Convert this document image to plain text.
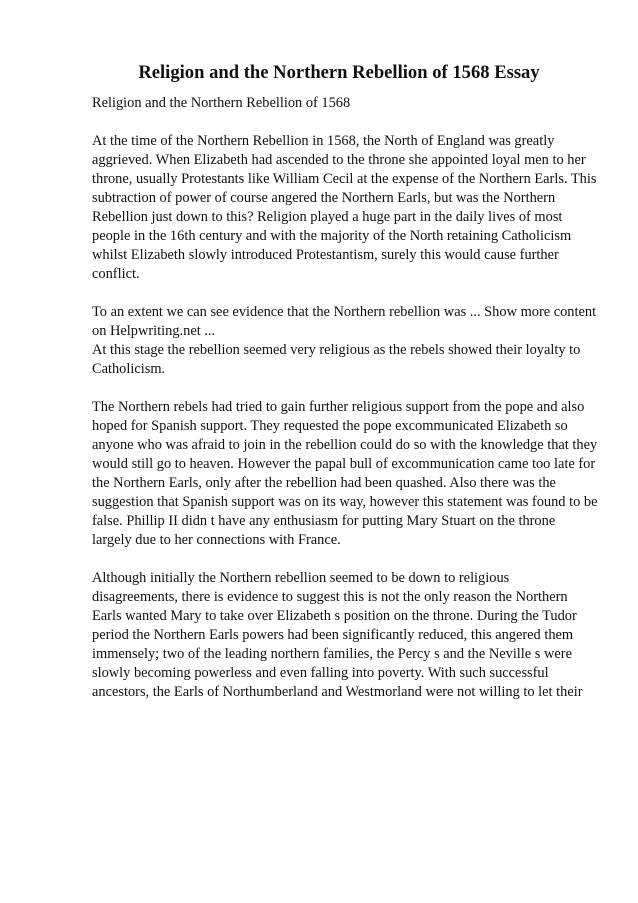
Religion and the Northern Rebellion of 1568 Essay

Religion and the Northern Rebellion of 1568

At the time of the Northern Rebellion in 1568, the North of England was greatly aggrieved. When Elizabeth had ascended to the throne she appointed loyal men to her throne, usually Protestants like William Cecil at the expense of the Northern Earls. This subtraction of power of course angered the Northern Earls, but was the Northern Rebellion just down to this? Religion played a huge part in the daily lives of most people in the 16th century and with the majority of the North retaining Catholicism whilst Elizabeth slowly introduced Protestantism, surely this would cause further conflict.

To an extent we can see evidence that the Northern rebellion was ... Show more content on Helpwriting.net ...

At this stage the rebellion seemed very religious as the rebels showed their loyalty to Catholicism.

The Northern rebels had tried to gain further religious support from the pope and also hoped for Spanish support. They requested the pope excommunicated Elizabeth so anyone who was afraid to join in the rebellion could do so with the knowledge that they would still go to heaven. However the papal bull of excommunication came too late for the Northern Earls, only after the rebellion had been quashed. Also there was the suggestion that Spanish support was on its way, however this statement was found to be false. Phillip II didn t have any enthusiasm for putting Mary Stuart on the throne largely due to her connections with France.

Although initially the Northern rebellion seemed to be down to religious disagreements, there is evidence to suggest this is not the only reason the Northern Earls wanted Mary to take over Elizabeth s position on the throne. During the Tudor period the Northern Earls powers had been significantly reduced, this angered them immensely; two of the leading northern families, the Percy s and the Neville s were slowly becoming powerless and even falling into poverty. With such successful ancestors, the Earls of Northumberland and Westmorland were not willing to let their
